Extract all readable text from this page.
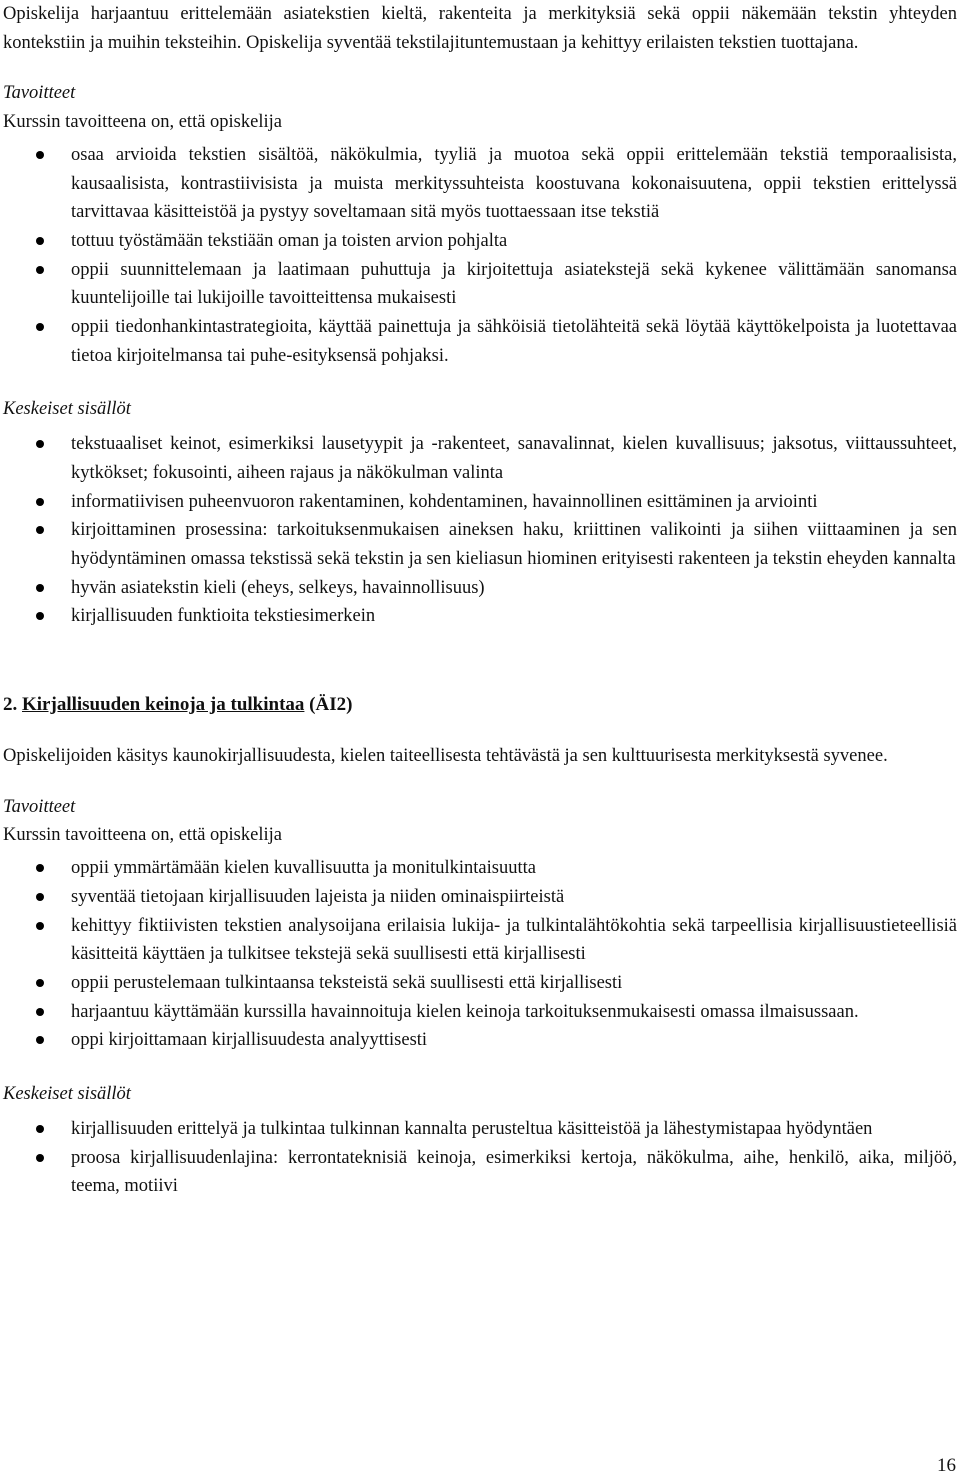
Opiskelija harjaantuu erittelemään asiatekstien kieltä, rakenteita ja merkityksiä sekä oppii näkemään tekstin yhteyden kontekstiin ja muihin teksteihin. Opiskelija syventää tekstilajituntemustaan ja kehittyy erilaisten tekstien tuottajana.

Tavoitteet

Kurssin tavoitteena on, että opiskelija

osaa arvioida tekstien sisältöä, näkökulmia, tyyliä ja muotoa sekä oppii erittelemään tekstiä temporaalisista, kausaalisista, kontrastiivisista ja muista merkityssuhteista koostuvana kokonaisuutena, oppii tekstien erittelyssä tarvittavaa käsitteistöä ja pystyy soveltamaan sitä myös tuottaessaan itse tekstiä
tottuu työstämään tekstiään oman ja toisten arvion pohjalta
oppii suunnittelemaan ja laatimaan puhuttuja ja kirjoitettuja asiatekstejä sekä kykenee välittämään sanomansa kuuntelijoille tai lukijoille tavoitteittensa mukaisesti
oppii tiedonhankintastrategioita, käyttää painettuja ja sähköisiä tietolähteitä sekä löytää käyttökelpoista ja luotettavaa tietoa kirjoitelmansa tai puhe-esityksensä pohjaksi.

Keskeiset sisällöt

tekstuaaliset keinot, esimerkiksi lausetyypit ja -rakenteet, sanavalinnat, kielen kuvallisuus; jaksotus, viittaussuhteet, kytkökset; fokusointi, aiheen rajaus ja näkökulman valinta
informatiivisen puheenvuoron rakentaminen, kohdentaminen, havainnollinen esittäminen ja arviointi
kirjoittaminen prosessina: tarkoituksenmukaisen aineksen haku, kriittinen valikointi ja siihen viittaaminen ja sen hyödyntäminen omassa tekstissä sekä tekstin ja sen kieliasun hiominen erityisesti rakenteen ja tekstin eheyden kannalta
hyvän asiatekstin kieli (eheys, selkeys, havainnollisuus)
kirjallisuuden funktioita tekstiesimerkein
2. Kirjallisuuden keinoja ja tulkintaa (ÄI2)

Opiskelijoiden käsitys kaunokirjallisuudesta, kielen taiteellisesta tehtävästä ja sen kulttuurisesta merkityksestä syvenee.

Tavoitteet

Kurssin tavoitteena on, että opiskelija

oppii ymmärtämään kielen kuvallisuutta ja monitulkintaisuutta
syventää tietojaan kirjallisuuden lajeista ja niiden ominaispiirteistä
kehittyy fiktiivisten tekstien analysoijana erilaisia lukija- ja tulkintalähtökohtia sekä tarpeellisia kirjallisuustieteellisiä käsitteitä käyttäen ja tulkitsee tekstejä sekä suullisesti että kirjallisesti
oppii perustelemaan tulkintaansa teksteistä sekä suullisesti että kirjallisesti
harjaantuu käyttämään kurssilla havainnoituja kielen keinoja tarkoituksenmukaisesti omassa ilmaisussaan.
oppi kirjoittamaan kirjallisuudesta analyyttisesti

Keskeiset sisällöt

kirjallisuuden erittelyä ja tulkintaa tulkinnan kannalta perusteltua käsitteistöä ja lähestymistapaa hyödyntäen
proosa kirjallisuudenlajina: kerrontateknisiä keinoja, esimerkiksi kertoja, näkökulma, aihe, henkilö, aika, miljöö, teema, motiivi
16
